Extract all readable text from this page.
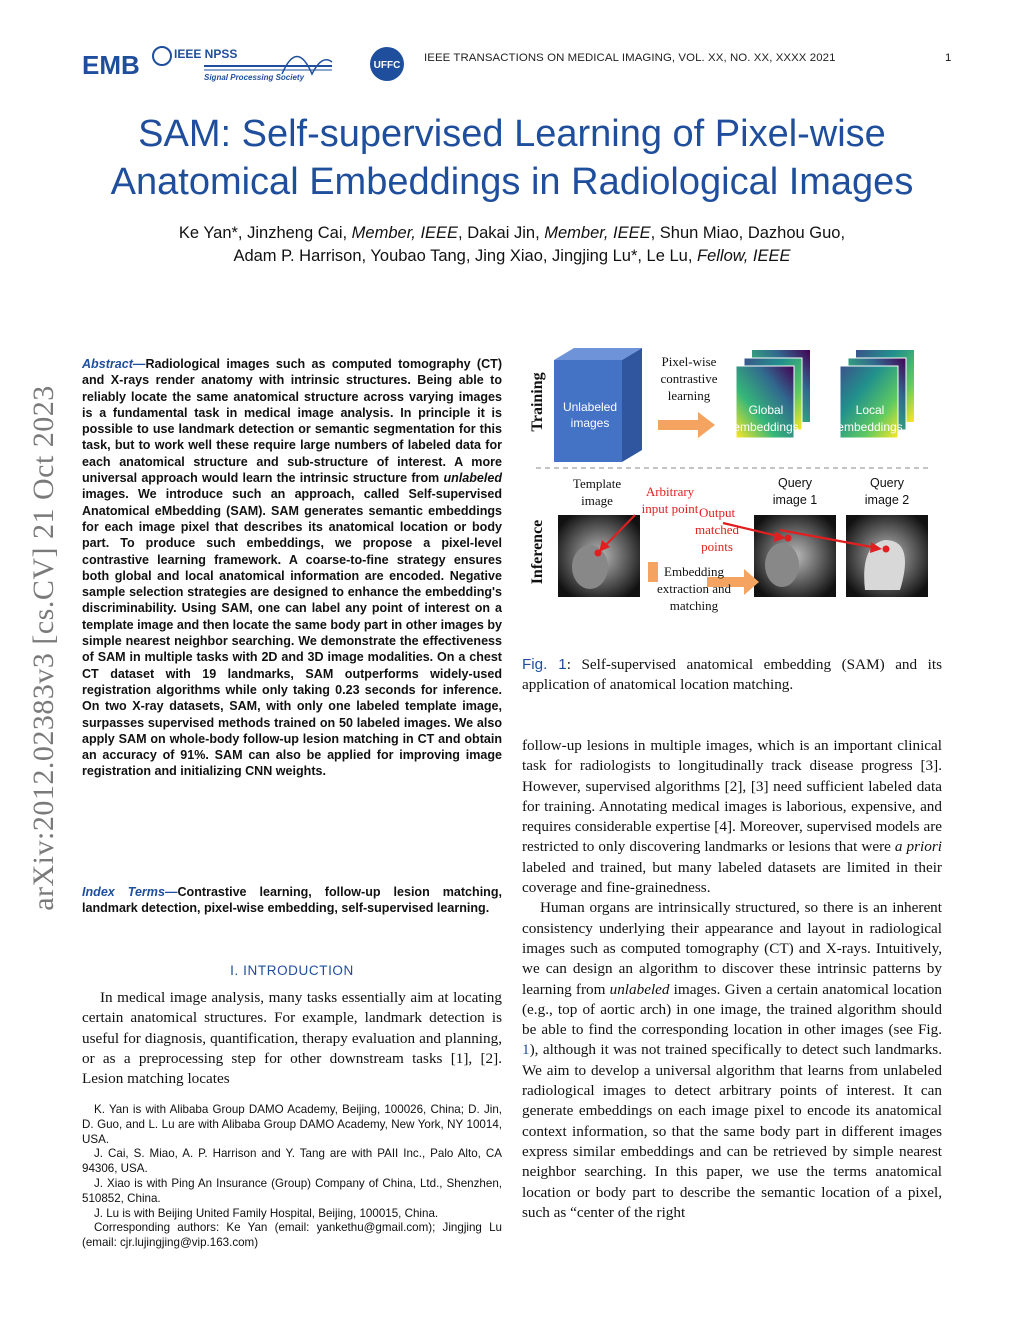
EMB	IEEE NPSS
Signal Processing Society
UFFC
IEEE TRANSACTIONS ON MEDICAL IMAGING, VOL. XX, NO. XX, XXXX 2021	1
SAM: Self-supervised Learning of Pixel-wise
Anatomical Embeddings in Radiological Images
Ke Yan*, Jinzheng Cai, Member, IEEE, Dakai Jin, Member, IEEE, Shun Miao, Dazhou Guo,
Adam P. Harrison, Youbao Tang, Jing Xiao, Jingjing Lu*, Le Lu, Fellow, IEEE
arXiv:2012.02383v3 [cs.CV] 21 Oct 2023
Abstract—Radiological images such as computed tomography (CT) and X-rays render anatomy with intrinsic structures. Being able to reliably locate the same anatomical structure across varying images is a fundamental task in medical image analysis. In principle it is possible to use landmark detection or semantic segmentation for this task, but to work well these require large numbers of labeled data for each anatomical structure and sub-structure of interest. A more universal approach would learn the intrinsic structure from unlabeled images. We introduce such an approach, called Self-supervised Anatomical eMbedding (SAM). SAM generates semantic embeddings for each image pixel that describes its anatomical location or body part. To produce such embeddings, we propose a pixel-level contrastive learning framework. A coarse-to-fine strategy ensures both global and local anatomical information are encoded. Negative sample selection strategies are designed to enhance the embedding's discriminability. Using SAM, one can label any point of interest on a template image and then locate the same body part in other images by simple nearest neighbor searching. We demonstrate the effectiveness of SAM in multiple tasks with 2D and 3D image modalities. On a chest CT dataset with 19 landmarks, SAM outperforms widely-used registration algorithms while only taking 0.23 seconds for inference. On two X-ray datasets, SAM, with only one labeled template image, surpasses supervised methods trained on 50 labeled images. We also apply SAM on whole-body follow-up lesion matching in CT and obtain an accuracy of 91%. SAM can also be applied for improving image registration and initializing CNN weights.
Index Terms—Contrastive learning, follow-up lesion matching, landmark detection, pixel-wise embedding, self-supervised learning.
I. INTRODUCTION
In medical image analysis, many tasks essentially aim at locating certain anatomical structures. For example, landmark detection is useful for diagnosis, quantification, therapy evaluation and planning, or as a preprocessing step for other downstream tasks [1], [2]. Lesion matching locates

K. Yan is with Alibaba Group DAMO Academy, Beijing, 100026, China; D. Jin, D. Guo, and L. Lu are with Alibaba Group DAMO Academy, New York, NY 10014, USA.

J. Cai, S. Miao, A. P. Harrison and Y. Tang are with PAII Inc., Palo Alto, CA 94306, USA.

J. Xiao is with Ping An Insurance (Group) Company of China, Ltd., Shenzhen, 510852, China.

J. Lu is with Beijing United Family Hospital, Beijing, 100015, China.

Corresponding authors: Ke Yan (email: yankethu@gmail.com); Jingjing Lu (email: cjr.lujingjing@vip.163.com)

Training
Inference
Unlabeled images
Pixel-wise contrastive learning
Global embeddings
Local embeddings
Template image
Arbitrary input point Output matched points
Query image 1
Query image 2
Embedding extraction and matching
Fig. 1: Self-supervised anatomical embedding (SAM) and its application of anatomical location matching.

follow-up lesions in multiple images, which is an important clinical task for radiologists to longitudinally track disease progress [3]. However, supervised algorithms [2], [3] need sufficient labeled data for training. Annotating medical images is laborious, expensive, and requires considerable expertise [4]. Moreover, supervised models are restricted to only discovering landmarks or lesions that were a priori labeled and trained, but many labeled datasets are limited in their coverage and fine-grainedness.

Human organs are intrinsically structured, so there is an inherent consistency underlying their appearance and layout in radiological images such as computed tomography (CT) and X-rays. Intuitively, we can design an algorithm to discover these intrinsic patterns by learning from unlabeled images. Given a certain anatomical location (e.g., top of aortic arch) in one image, the trained algorithm should be able to find the corresponding location in other images (see Fig. 1), although it was not trained specifically to detect such landmarks. We aim to develop a universal algorithm that learns from unlabeled radiological images to detect arbitrary points of interest. It can generate embeddings on each image pixel to encode its anatomical context information, so that the same body part in different images express similar embeddings and can be retrieved by simple nearest neighbor searching. In this paper, we use the terms anatomical location or body part to describe the semantic location of a pixel, such as “center of the right
